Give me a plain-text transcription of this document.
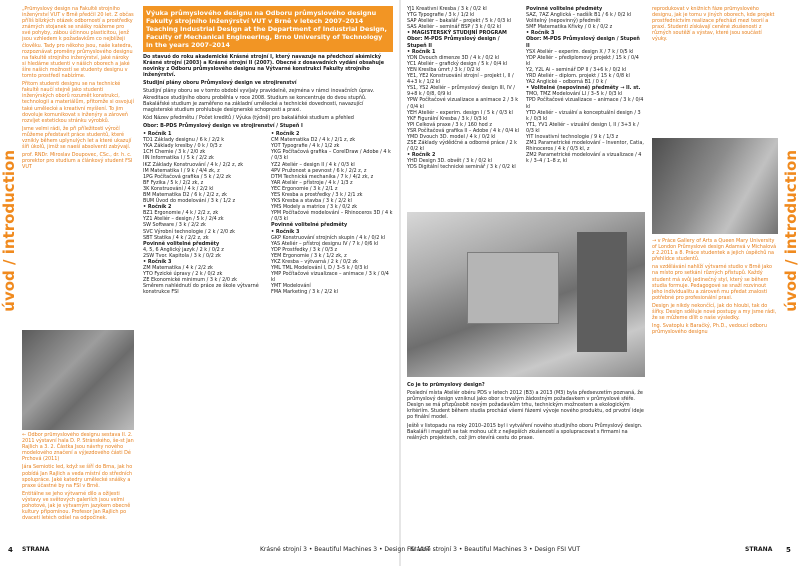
úvod / introduction	úvod / introduction

„Průmyslový design na Fakultě strojního inženýrství VUT v Brně předčil 20 let. Z občas příliš blízkých otázek odborností a prostředky známých stojanek se snášky roážeme pro své pohyby, zábou účinnou plasticitou, jenž jsou vzhledem k požadavkům co nejblížeji člověku. Tady pro někoho jsou, naše katedra, rozpoznávat proměny průmyslového designu na fakultě strojního inženýrství, jaké nároky si hledáme studenti v nášich oborech a jaké šíre našich možností se studenty designu v tomto prostředí nabízíme.

Přitom studenti designu se na technické fakultě naučí stejně jako studenti inženýrských oborů rozumět konstrukci, technologii a materiálům, přitomže si osvojují také umělecké a kreativní myšlení. To jim dovoluje komunikovat s inženýry a zároveň rozvíjet estetickou stránku výrobků.

Jsme velmi rádi, že při příležitosti výročí můžeme představit práce studentů, které vznikly během uplynulých let a které ukazují šíři úkolů, jimiž se naeší absolventi zabývají.

prof. RNDr. Miroslav Doupovec, CSc., dr. h. c. prorektor pro studium a článkový student FSI VUT

← Odbor průmyslového designu sestava II. 2. 2011 výstavní hala D. P. Stránského, še-st Jan Rajlich a 3. 2. Částka Jsou návrhy nového modelového značení a výjezdového části Dé Prchová (2011)

Jára Semiotic led, když se šíří do Brna, jak ho pobídá Jan Rajlich a veda místní do středních spolupráce. Jaké katedry umělecké snášky a praxe účastné by na FSI v Brně.

Entitálne se jeho výtvarné dílo a ožijesti výstavy ve světových galeriích jsou velmi pohotové, jak je výtvarným jazykem obecně kultury připomínou. Profesor Jan Rajlich po dvaceti letéch odšel na odpočinek.

Výuka průmyslového designu na Odboru průmyslového designu Fakulty strojního inženýrství VUT v Brně v letech 2007–2014 Teaching Industrial Design at the Department of Industrial Design, Faculty of Mechanical Engineering, Brno University of Technology in the years 2007–2014

Do stavuó do roku akademické Krásné strojní I, který navazuje na předchozí akémický Krásné strojní (2003) a Krásné strojní II (2007). Obecné z dosavadních vydání obsahuje novinky z Odboru průmyslového designu na Výtvarné konstrukci Fakulty strojního inženýrství.

Studijní plány oboru Průmyslový design ve strojirenství

Studijní plány oboru se v tomto období vyvíjaly pravidelně, zejména v rámci inovačních úprav. Akreditace studijního oboru proběhla v roce 2008. Studium se koncentruje do dvou stupňů. Bakalářské studium je zaměřeno na základní umělecké a technické dovednosti, navazující magisterské studium prohlubuje designerské schopnosti a praxi.

Kód Název předmětu / Počet kreditů / Výuka (týdně) pro bakalářské studium a přehled

Obor: B-PDS Průmyslový design ve strojirenství / Stupeň I

• Ročník 1
TD1 Základy designu / 6 k / 2/2 k
YKA Základy kreslby / 0 k / 0/3 z
1CH Chemie / 3 k / 2/0 zk
IIN Informatika I / 5 k / 2/2 zk
IKZ Základy Konstruování / 4 k / 2/2 z, zk
IM Matematika I / 9 k / 4/4 zk, z
1PG Počítačová grafika / 5 k / 2/2 zk
BF Fyzika / 5 k / 2/2 zk, z
3K Konstruování / 4 k / 2/2 kl
BM Matematika D2 / 6 k / 2/2 z, zk
BUM Úvod do modelování / 3 k / 1/2 z
• Ročník 2
BZ1 Ergonomie / 4 k / 2/2 z, zk
YZ1 Ateliér – design / 5 k / 2/4 zk
SW Software / 3 k / 2/2 zk
SVC Výrobní technologie / 2 k / 2/0 zk
SBT Statika / 4 k / 2/2 z, zk
Povinně volitelné předměty
4, 5, 6 Anglický jazyk / 2 k / 0/2 z
2SW Tvor. Kapitola / 3 k / 0/2 zk
• Ročník 3
ZM Matematika / 4 k / 2/2 zk
YTO Fyzické úpravy / 2 k / 0/2 zk
ZE Ekonomické minimum / 3 k / 2/0 zk
Směrem nahlédnutí do práce ze škole výtvarné konstrukce FSI
• Ročník 2
CM Matematika D2 / 4 k / 2/1 z, zk
YOT Typografie / 4 k / 1/2 zk
YKG Počítačová grafika – CorelDraw / Adobe / 4 k / 0/3 kl
YZ2 Ateliér – design II / 4 k / 0/3 kl
4PV Pružonost a pevnost / 6 k / 2/2 z, z
DTM Technická mechanika / 7 k / 4/2 zk, z
YAR Ateliér – přístroje / 4 k / 1/3 z
YEC Ergonomie / 3 k / 2/1 z
YES Kresba a prostředky / 3 k / 2/1 zk
YKS Kresba a stavba / 3 k / 2/2 kl
YMS Modely a matrice / 3 k / 0/2 zk
YPM Počítačové modelování – Rhinoceros 3D / 4 k / 0/3 kl
Povinně volitelné předměty
• Ročník 3
GKP Konstruování strojních skupin / 4 k / 0/2 kl
YAS Ateliér – přístroj designu IV / 7 k / 0/6 kl
YDP Prostředky / 3 k / 0/3 z
YEM Ergonomie / 3 k / 1/2 zk, z
YKZ Kresba – výtvarná / 2 k / 0/2 zk
YML TML Modelování I, D / 3–5 k / 0/3 kl
YMP Počítačové vizualizace – animace / 3 k / 0/4 kl
YMT Modelování
FMA Marketing / 3 k / 2/2 kl
YJ1 Kreativní Kresba / 3 k / 0/2 kl
YTG Typografie / 3 k / 1/2 kl
SAP Ateliér – bakalář – projekt / 5 k / 0/3 kl
SAS Ateliér – seminář BSP / 3 k / 0/2 kl
• MAGISTERSKÝ STUDIJNÍ PROGRAM
Obor: M-PDS Průmyslový design / Stupeň II
• Ročník 1
YDN Dvouch dimenze 3D / 4 k / 0/2 kl
YC1 Ateliér – grafický design / 5 k / 0/4 kl
YEN Kreslba úmrt / 3 k / 0/2 kl
YE1, YE2 Konstruování strojní – projekt I, II / 4+3 k / 1/2 kl
YS1, YS2 Ateliér – průmyslový design III, IV / 9+8 k / 0/8, 0/9 kl
YPW Počítačové vizualizace a animace 2 / 3 k / 0/4 kl
YEH Ateliér – experim. design I / 5 k / 0/3 kl
YKF Figurální Kresba / 3 k / 0/3 kl
YPI Celková praxe / 3 k / 160 hod z
YSR Počítačová grafika II – Adobe / 4 k / 0/4 kl
YMD Dvouch 3D. model / 4 k / 0/2 kl
ZSE Základy výdědčné a odborné práce / 2 k / 0/2 kl
• Ročník 2
YHD Design 3D. obvět / 3 k / 0/2 kl
YDS Digitální technické seminář / 3 k / 0/2 kl
Povinně volitelné předměty
SAZ, 7AZ Anglická – nadšík B1 / 6 k / 0/2 kl
Volitelný (nepovinný) předmět
5MF Matematika Křivky / 0 k / 0/2 z
• Ročník 3
Obor: M-PDS Průmyslový design / Stupeň II
YSX Ateliér – experim. design X / 7 k / 0/5 kl
YDP Ateliér – přediplomový projekt / 15 k / 0/4 kl
Y2, Y2L Ai – seminář DP II / 3+6 k / 0/2 kl
YRD Ateliér – diplom. projekt / 15 k / 0/8 kl
YA2 Anglické – odborná B1 / 0 k /
• Volitelné (nepovinné) předměty → II. st.
TMO, TMZ Modelování LI / 3–5 k / 0/3 kl
TPD Počítačové vizualizace – animace / 3 k / 0/4 kl
YTD Ateliér – vizuální a konceptuální design / 3 k / 0/3 kl
YT1, YV1 Ateliér – vizuální design I, II / 3+3 k / 0/3 kl
YIT Inovativní technologie / 9 k / 1/3 z
ZM1 Parametrické modelování – Inventor, Catia, Rhinoceros / 4 k / 0/3 kl, z
ZM2 Parametrické modelování a vizualizace / 4 k / 3–4 / 1–8 z, kl

Co je to průmyslový design?

Poslední místa Ateliér obéru PDS v letech 2012 (B3) a 2013 (M3) byla předsevzetím poznaná, že průmyslový design vzniknul jako obor s trvalým žádostným požadavkem v průmyslové sféře. Design se má přizpůsobit novým požadavkům trhu, technickým možnostem a ekologickým kritériím. Student během studia prochází všemi fázemi vývoje nového produktu, od prvotní ideje po finální model.

Ještě v listopadu na roky 2010–2015 byl i vytváření nového studijního oboru Průmyslový design. Bakaláři i magistři se tak mohou učit z nejlepších zkušeností a spolupracovat s firmami na reálných projektech, což jim otevírá cestu do praxe.

reprodukovat v knižních fáze průmyslového designu, jak je tomu v jiných oborech, kde projekt prostřednictvím realizace přechází mezi teorií a praxí. Studenti získávají ceněné zkušenosti z různých soutěží a výstav, které jsou součástí výuky.

→ v Práce Gallery of Arts a Queen Mary University of London Průmyslové design Adamvá v Michalová z 2.2011 a 8. Práce studentek a jejich úspěchů na přehlídce studentů.

na vzdělávání nahlíží výtvarné studio v Brně jako na místo pro setkání různých přístupů. Každý student má svůj jedinečný styl, který se během studia formuje. Pedagogové se snaží rozvinout jeho individualitu a zároveň mu předat znalosti potřebné pro profesionální praxi.

Design je nikdy nekončící, jak do hloubi, tak do šířky. Design sděluje nové postupy a my jsme rádi, že se můžeme dílít o naše výsledky.

Ing. Svatoplu k Baračký, Ph.D., vedoucí odboru průmyslového designu

4 STRANA	Krásné strojní 3 • Beautiful Machines 3 • Design FSI VUT
Krásné strojní 3 • Beautiful Machines 3 • Design FSI VUT	STRANA 5
